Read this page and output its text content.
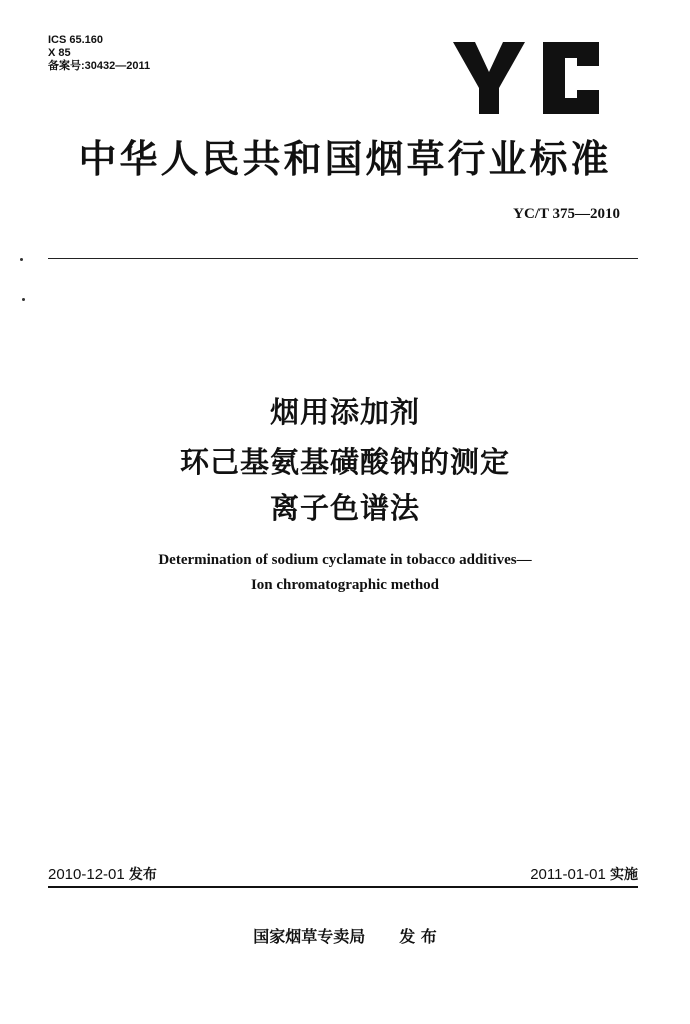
ICS 65.160
X 85
备案号:30432—2011
中华人民共和国烟草行业标准
YC/T 375—2010
烟用添加剂
环己基氨基磺酸钠的测定
离子色谱法
Determination of sodium cyclamate in tobacco additives—
Ion chromatographic method
2010-12-01 发布	2011-01-01 实施
国家烟草专卖局 发 布
